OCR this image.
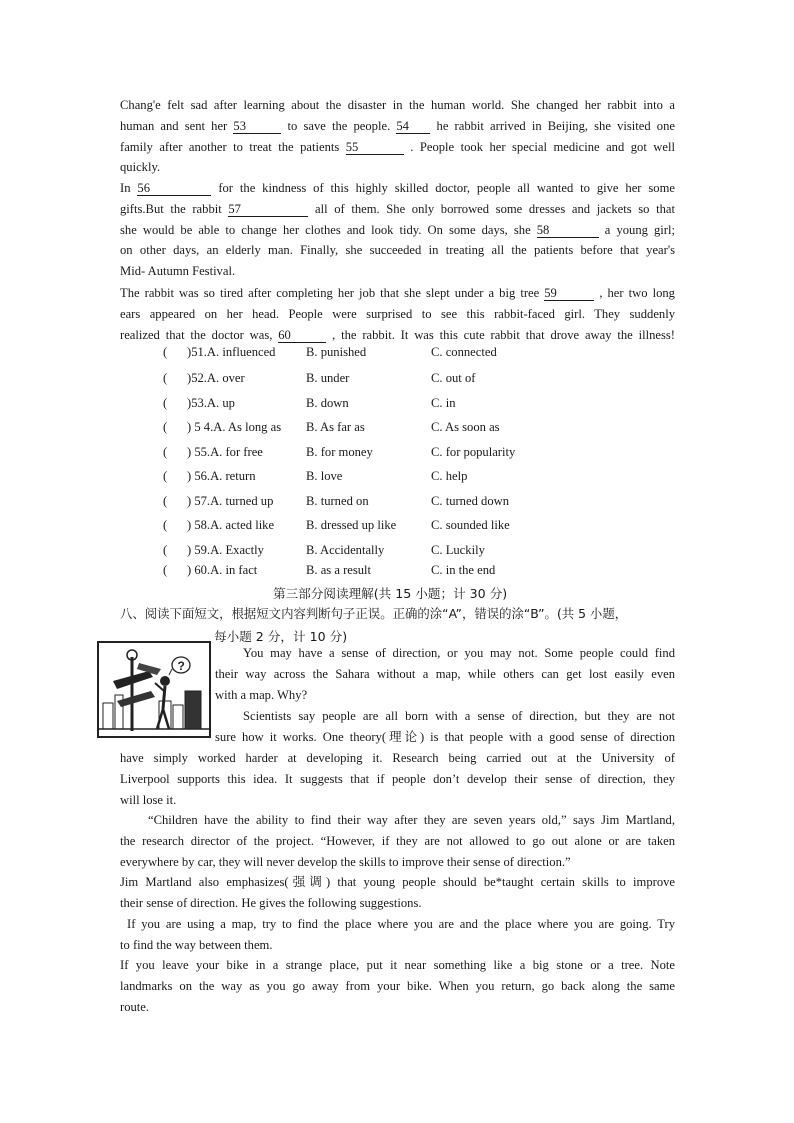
Chang'e felt sad after learning about the disaster in the human world. She changed her rabbit into a
human and sent her 53	to save the people. 54 he rabbit arrived in Beijing, she visited one
family after another to treat the patients 55	. People took her special medicine and got well
quickly.
In 56	for the kindness of this highly skilled doctor, people all wanted to give her some
gifts.But the rabbit 57	all of them. She only borrowed some dresses and jackets so that
she would be able to change her clothes and look tidy. On some days, she 58	a young girl;
on other days, an elderly man. Finally, she succeeded in treating all the patients before that year's
Mid- Autumn Festival.
The rabbit was so tired after completing her job that she slept under a big tree 59	, her two long
ears appeared on her head. People were surprised to see this rabbit-faced girl. They suddenly
realized that the doctor was, 60	, the rabbit. It was this cute rabbit that drove away the illness!
( )51.A. influenced B. punished	C. connected
( )52.A. over	B. under	C. out of
( )53.A. up	B. down	C. in
( ) 5 4.A. As long as B. As far as	C. As soon as
( ) 55.A. for free	B. for money	C. for popularity
( ) 56.A. return	B. love	C. help
( ) 57.A. turned up	B. turned on	C. turned down
( ) 58.A. acted like	B. dressed up like	C. sounded like
( ) 59.A. Exactly	B. Accidentally	C. Luckily
( ) 60.A. in fact	B. as a result	C. in the end
第三部分阅读理解(共 15 小题；计 30 分)
八、阅读下面短文，根据短文内容判断句子正误。正确的涂“A”，错误的涂“B”。(共 5 小题，
每小题 2 分，计 10 分)
?
You may have a sense of direction, or you may not. Some people could find
their way across the Sahara without a map, while others can get lost easily even
with a map. Why?
Scientists say people are all born with a sense of direction, but they are not
sure how it works. One theory(理论) is that people with a good sense of direction
have simply worked harder at developing it. Research being carried out at the University of
Liverpool supports this idea. It suggests that if people don’t develop their sense of direction, they
will lose it.
“Children have the ability to find their way after they are seven years old,” says Jim Martland,
the research director of the project. “However, if they are not allowed to go out alone or are taken
everywhere by car, they will never develop the skills to improve their sense of direction.”
Jim Martland also emphasizes(强调) that young people should be*taught certain skills to improve
their sense of direction. He gives the following suggestions.
If you are using a map, try to find the place where you are and the place where you are going. Try
to find the way between them.
If you leave your bike in a strange place, put it near something like a big stone or a tree. Note
landmarks on the way as you go away from your bike. When you return, go back along the same
route.
